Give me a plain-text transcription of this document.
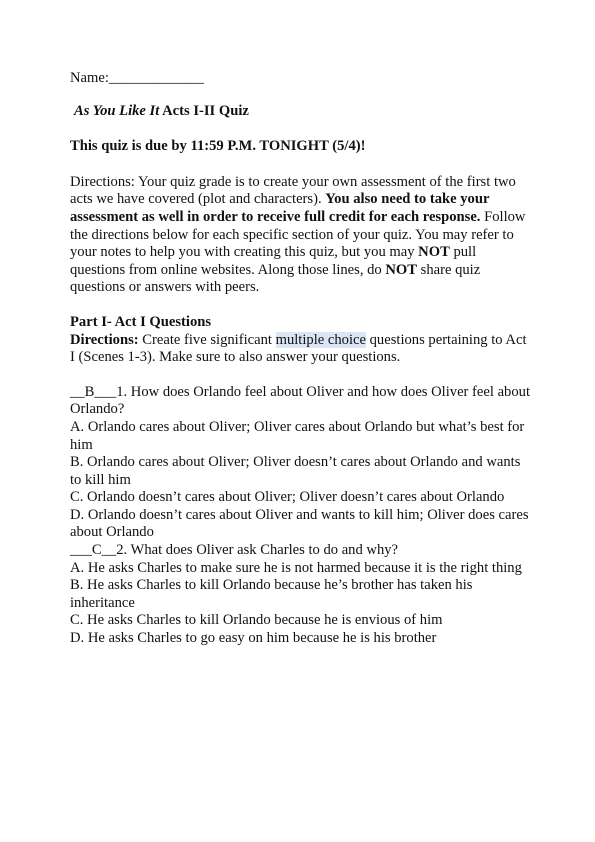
Name:_____________

As You Like It Acts I-II Quiz

This quiz is due by 11:59 P.M. TONIGHT (5/4)!

Directions: Your quiz grade is to create your own assessment of the first two acts we have covered (plot and characters). You also need to take your assessment as well in order to receive full credit for each response. Follow the directions below for each specific section of your quiz. You may refer to your notes to help you with creating this quiz, but you may NOT pull questions from online websites. Along those lines, do NOT share quiz questions or answers with peers.

Part I- Act I Questions

Directions: Create five significant multiple choice questions pertaining to Act I (Scenes 1-3). Make sure to also answer your questions.

__B___1. How does Orlando feel about Oliver and how does Oliver feel about Orlando?

A. Orlando cares about Oliver; Oliver cares about Orlando but what’s best for him

B. Orlando cares about Oliver; Oliver doesn’t cares about Orlando and wants to kill him

C. Orlando doesn’t cares about Oliver; Oliver doesn’t cares about Orlando

D. Orlando doesn’t cares about Oliver and wants to kill him; Oliver does cares about Orlando

___C__2. What does Oliver ask Charles to do and why?

A. He asks Charles to make sure he is not harmed because it is the right thing

B. He asks Charles to kill Orlando because he’s brother has taken his inheritance

C. He asks Charles to kill Orlando because he is envious of him

D. He asks Charles to go easy on him because he is his brother
